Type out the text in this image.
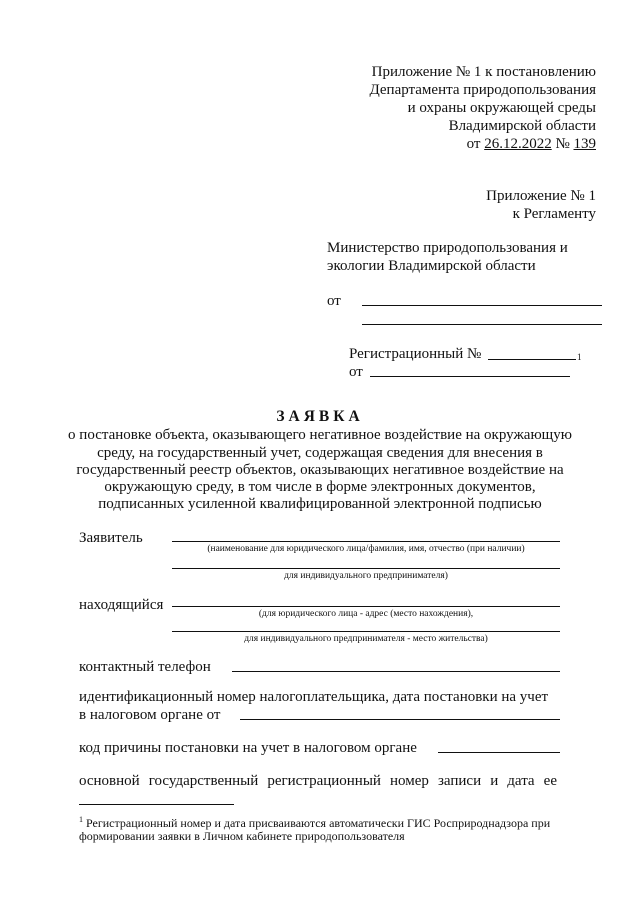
Приложение № 1 к постановлению
Департамента природопользования
и охраны окружающей среды
Владимирской области
от 26.12.2022 № 139
Приложение № 1
к Регламенту
Министерство природопользования и
экологии Владимирской области
от
Регистрационный №	1
от
ЗАЯВКА
о постановке объекта, оказывающего негативное воздействие на окружающую
среду, на государственный учет, содержащая сведения для внесения в
государственный реестр объектов, оказывающих негативное воздействие на
окружающую среду, в том числе в форме электронных документов,
подписанных усиленной квалифицированной электронной подписью
Заявитель
(наименование для юридического лица/фамилия, имя, отчество (при наличии)
для индивидуального предпринимателя)
находящийся
(для юридического лица - адрес (место нахождения),
для индивидуального предпринимателя - место жительства)
контактный телефон
идентификационный номер налогоплательщика, дата постановки на учет
в налоговом органе от
код причины постановки на учет в налоговом органе
основной государственный регистрационный номер записи и дата ее
$^1$ Регистрационный номер и дата присваиваются автоматически ГИС Росприроднадзора при
формировании заявки в Личном кабинете природопользователя
